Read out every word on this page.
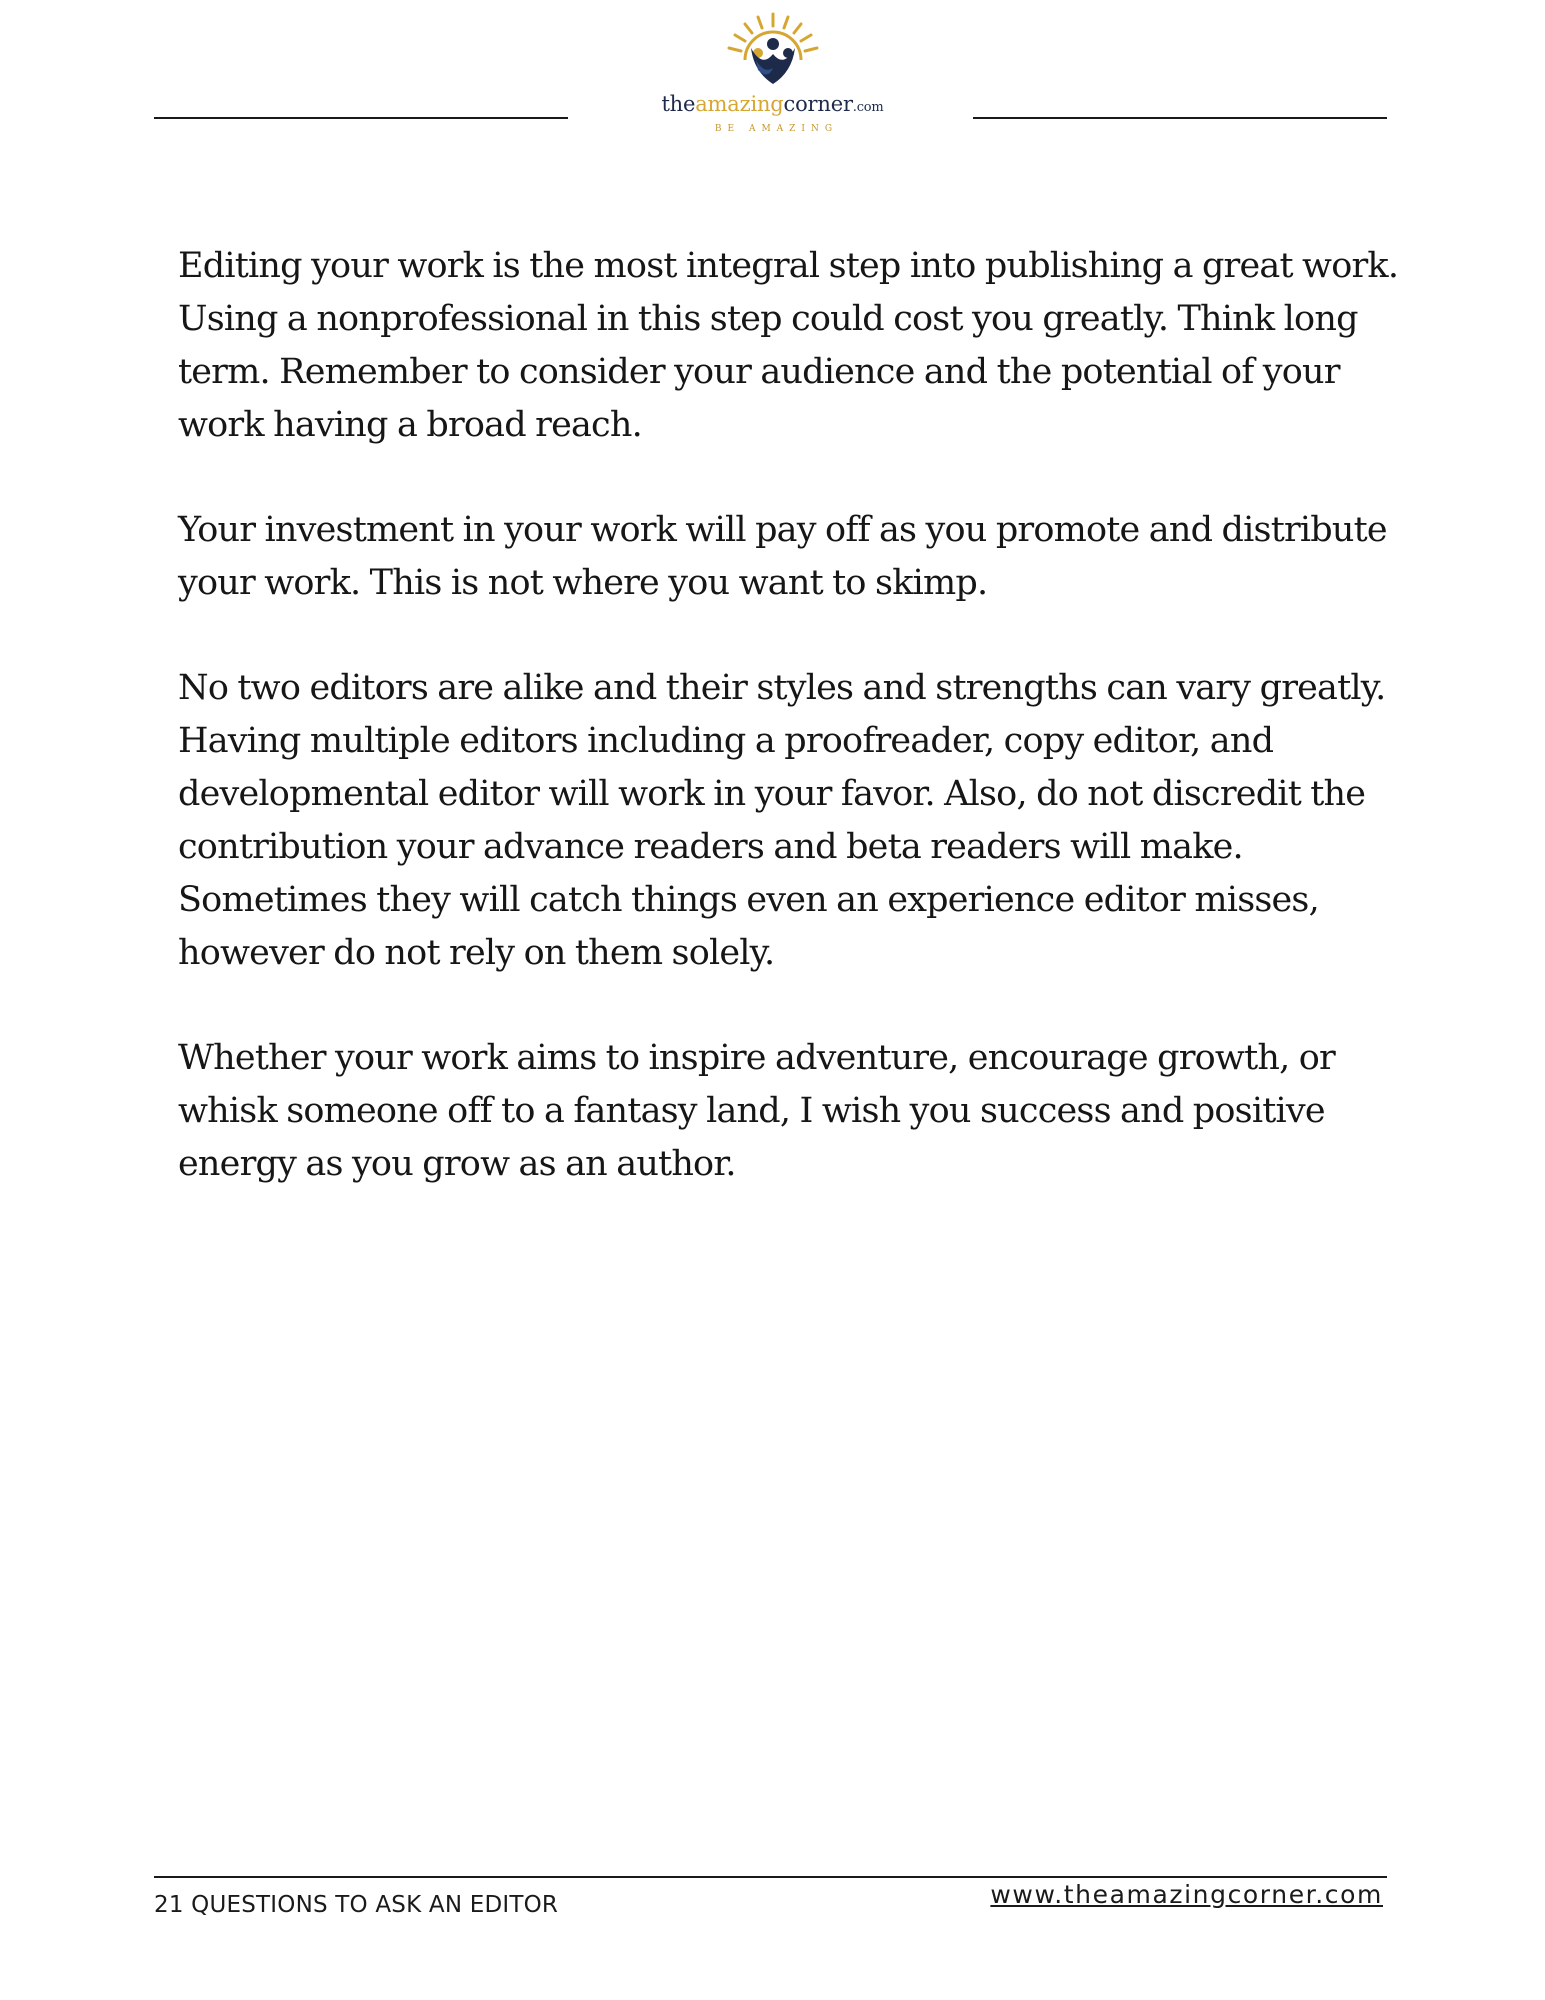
theamazingcorner.com
BE AMAZING

Editing your work is the most integral step into publishing a great work. Using a nonprofessional in this step could cost you greatly. Think long term. Remember to consider your audience and the potential of your work having a broad reach.

Your investment in your work will pay off as you promote and distribute your work. This is not where you want to skimp.

No two editors are alike and their styles and strengths can vary greatly. Having multiple editors including a proofreader, copy editor, and developmental editor will work in your favor. Also, do not discredit the contribution your advance readers and beta readers will make. Sometimes they will catch things even an experience editor misses, however do not rely on them solely.

Whether your work aims to inspire adventure, encourage growth, or whisk someone off to a fantasy land, I wish you success and positive energy as you grow as an author.

21 QUESTIONS TO ASK AN EDITOR	www.theamazingcorner.com
